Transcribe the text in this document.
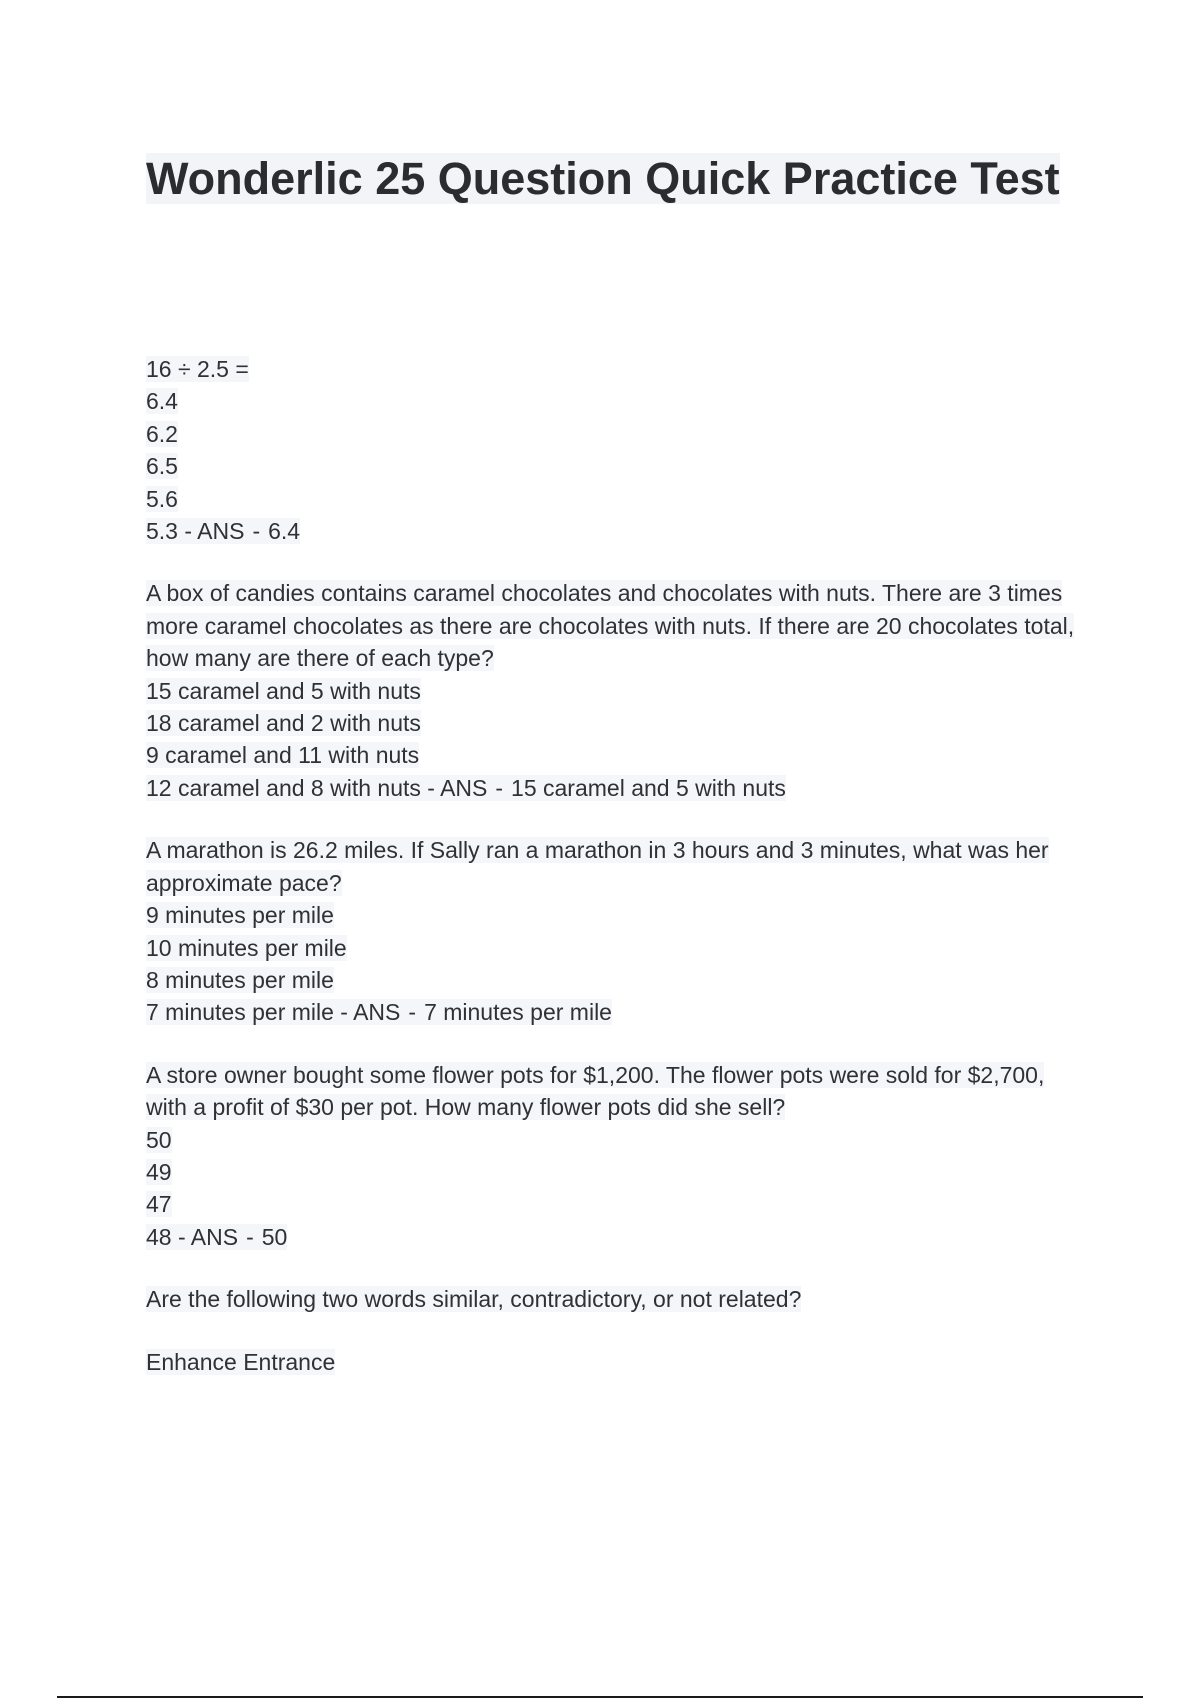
Wonderlic 25 Question Quick Practice Test
16 ÷ 2.5 =
6.4
6.2
6.5
5.6
5.3 - ANS - 6.4
A box of candies contains caramel chocolates and chocolates with nuts. There are 3 times more caramel chocolates as there are chocolates with nuts. If there are 20 chocolates total, how many are there of each type?
15 caramel and 5 with nuts
18 caramel and 2 with nuts
9 caramel and 11 with nuts
12 caramel and 8 with nuts - ANS - 15 caramel and 5 with nuts
A marathon is 26.2 miles. If Sally ran a marathon in 3 hours and 3 minutes, what was her approximate pace?
9 minutes per mile
10 minutes per mile
8 minutes per mile
7 minutes per mile - ANS - 7 minutes per mile
A store owner bought some flower pots for $1,200. The flower pots were sold for $2,700, with a profit of $30 per pot. How many flower pots did she sell?
50
49
47
48 - ANS - 50
Are the following two words similar, contradictory, or not related?
Enhance Entrance
